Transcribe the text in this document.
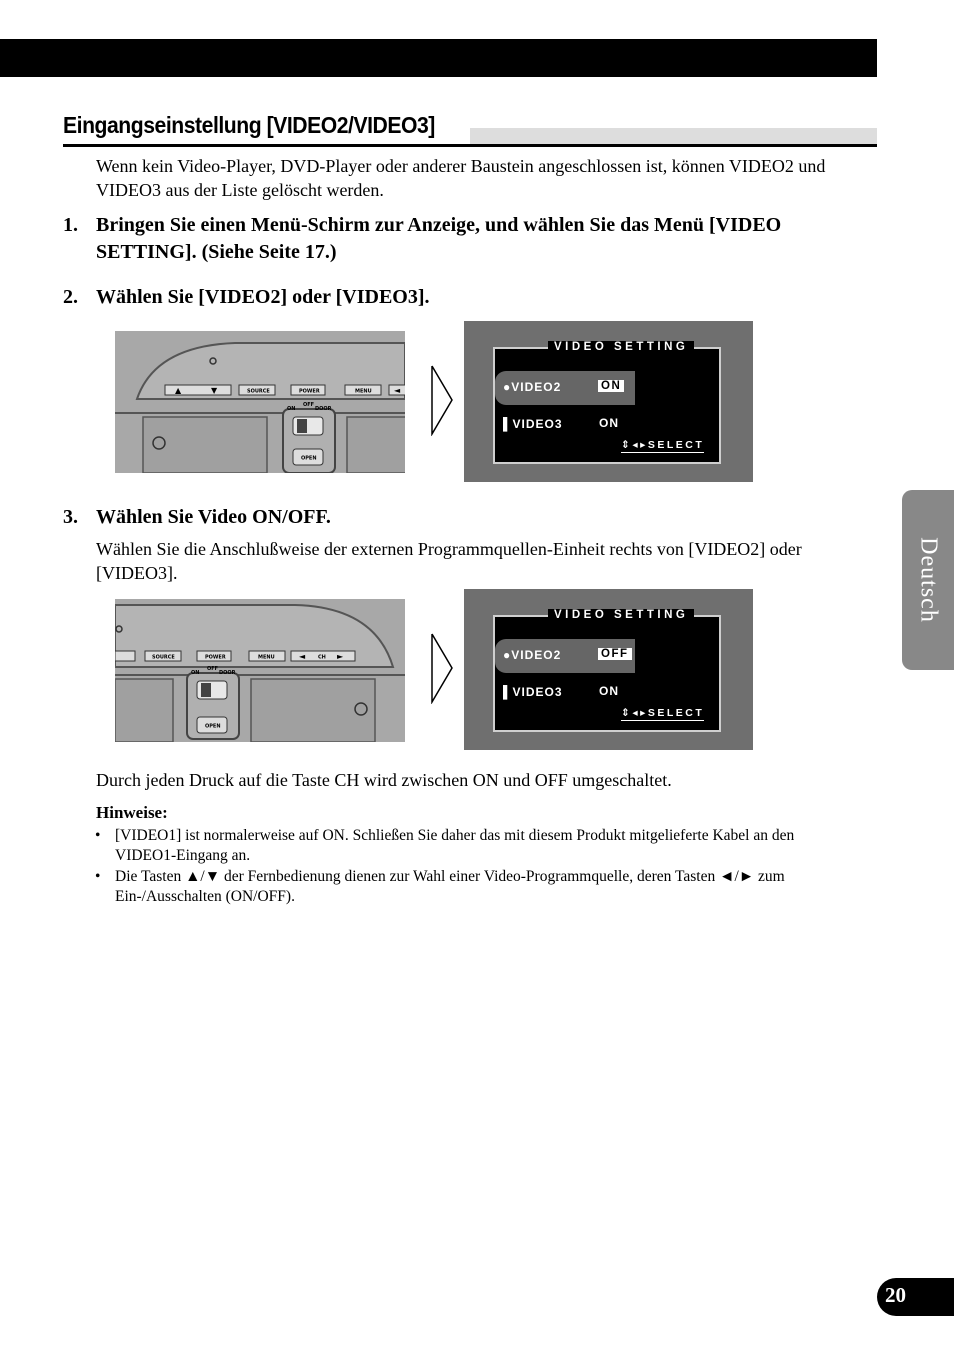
Eingangseinstellung [VIDEO2/VIDEO3]
Wenn kein Video-Player, DVD-Player oder anderer Baustein angeschlossen ist, können VIDEO2 und VIDEO3 aus der Liste gelöscht werden.
1. Bringen Sie einen Menü-Schirm zur Anzeige, und wählen Sie das Menü [VIDEO SETTING]. (Siehe Seite 17.)
2. Wählen Sie [VIDEO2] oder [VIDEO3].
▲	▼	SOURCE	POWER	MENU	◄
ON
OFF
DOOR
OPEN
●VIDEO2	ON
▌VIDEO3	ON
⇕◂▸SELECT
VIDEO SETTING
3. Wählen Sie Video ON/OFF.
Wählen Sie die Anschlußweise der externen Programmquellen-Einheit rechts von [VIDEO2] oder [VIDEO3].
SOURCE	POWER	MENU	◄	CH ►
ON
OFF
DOOR
OPEN
●VIDEO2	OFF
▌VIDEO3	ON
⇕◂▸SELECT
VIDEO SETTING
Durch jeden Druck auf die Taste CH wird zwischen ON und OFF umgeschaltet.
Hinweise:
• [VIDEO1] ist normalerweise auf ON. Schließen Sie daher das mit diesem Produkt mitgelieferte Kabel an den VIDEO1-Eingang an.
• Die Tasten ▲/▼ der Fernbedienung dienen zur Wahl einer Video-Programmquelle, deren Tasten ◄/► zum Ein-/Ausschalten (ON/OFF).
Deutsch
20
